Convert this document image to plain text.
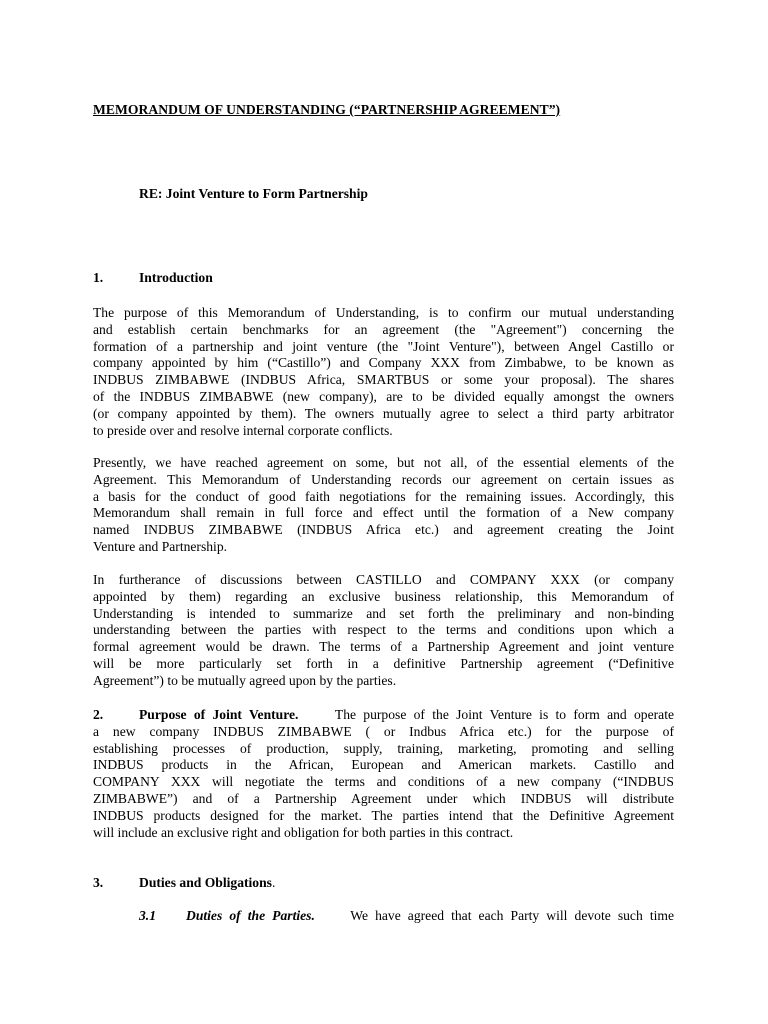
MEMORANDUM OF UNDERSTANDING (“PARTNERSHIP AGREEMENT”)
RE: Joint Venture to Form Partnership
1.	Introduction
The purpose of this Memorandum of Understanding, is to confirm our mutual understanding
and establish certain benchmarks for an agreement (the "Agreement") concerning the
formation of a partnership and joint venture (the "Joint Venture"), between Angel Castillo or
company appointed by him (“Castillo”) and Company XXX from Zimbabwe, to be known as
INDBUS ZIMBABWE (INDBUS Africa, SMARTBUS or some your proposal). The shares
of the INDBUS ZIMBABWE (new company), are to be divided equally amongst the owners
(or company appointed by them). The owners mutually agree to select a third party arbitrator
to preside over and resolve internal corporate conflicts.
Presently, we have reached agreement on some, but not all, of the essential elements of the
Agreement. This Memorandum of Understanding records our agreement on certain issues as
a basis for the conduct of good faith negotiations for the remaining issues. Accordingly, this
Memorandum shall remain in full force and effect until the formation of a New company
named INDBUS ZIMBABWE (INDBUS Africa etc.) and agreement creating the Joint
Venture and Partnership.
In furtherance of discussions between CASTILLO and COMPANY XXX (or company
appointed by them) regarding an exclusive business relationship, this Memorandum of
Understanding is intended to summarize and set forth the preliminary and non-binding
understanding between the parties with respect to the terms and conditions upon which a
formal agreement would be drawn. The terms of a Partnership Agreement and joint venture
will be more particularly set forth in a definitive Partnership agreement (“Definitive
Agreement”) to be mutually agreed upon by the parties.
2.	Purpose of Joint Venture.	The purpose of the Joint Venture is to form and operate
a new company INDBUS ZIMBABWE ( or Indbus Africa etc.) for the purpose of
establishing processes of production, supply, training, marketing, promoting and selling
INDBUS products in the African, European and American markets. Castillo and
COMPANY XXX will negotiate the terms and conditions of a new company (“INDBUS
ZIMBABWE”) and of a Partnership Agreement under which INDBUS will distribute
INDBUS products designed for the market. The parties intend that the Definitive Agreement
will include an exclusive right and obligation for both parties in this contract.
3.	Duties and Obligations.
3.1 Duties of the Parties.	We have agreed that each Party will devote such time
